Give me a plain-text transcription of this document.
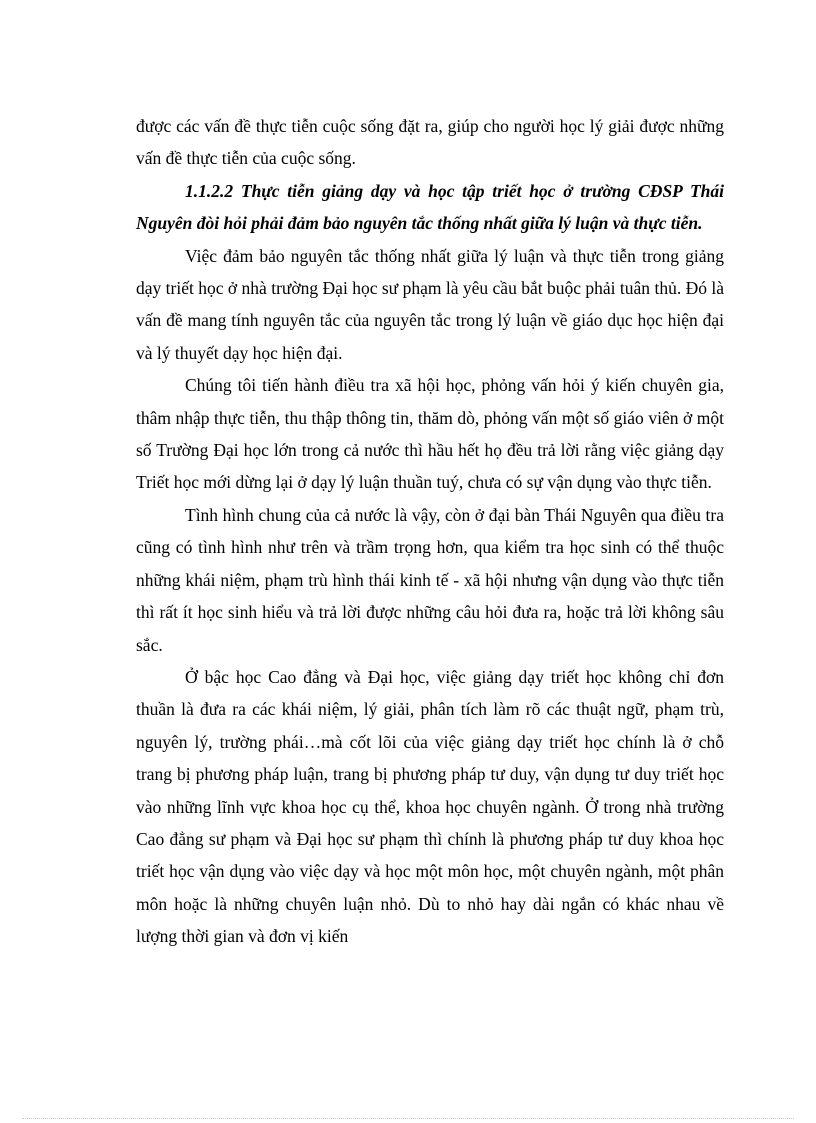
được các vấn đề thực tiễn cuộc sống đặt ra, giúp cho người học lý giải được những vấn đề thực tiễn của cuộc sống.

1.1.2.2 Thực tiễn giảng dạy và học tập triết học ở trường CĐSP Thái Nguyên đòi hỏi phải đảm bảo nguyên tắc thống nhất giữa lý luận và thực tiễn.

Việc đảm bảo nguyên tắc thống nhất giữa lý luận và thực tiễn trong giảng dạy triết học ở nhà trường Đại học sư phạm là yêu cầu bắt buộc phải tuân thủ. Đó là vấn đề mang tính nguyên tắc của nguyên tắc trong lý luận về giáo dục học hiện đại và lý thuyết dạy học hiện đại.

Chúng tôi tiến hành điều tra xã hội học, phỏng vấn hỏi ý kiến chuyên gia, thâm nhập thực tiễn, thu thập thông tin, thăm dò, phỏng vấn một số giáo viên ở một số Trường Đại học lớn trong cả nước thì hầu hết họ đều trả lời rằng việc giảng dạy Triết học mới dừng lại ở dạy lý luận thuần tuý, chưa có sự vận dụng vào thực tiễn.

Tình hình chung của cả nước là vậy, còn ở đại bàn Thái Nguyên qua điều tra cũng có tình hình như trên và trầm trọng hơn, qua kiểm tra học sinh có thể thuộc những khái niệm, phạm trù hình thái kinh tế - xã hội nhưng vận dụng vào thực tiễn thì rất ít học sinh hiểu và trả lời được những câu hỏi đưa ra, hoặc trả lời không sâu sắc.

Ở bậc học Cao đẳng và Đại học, việc giảng dạy triết học không chỉ đơn thuần là đưa ra các khái niệm, lý giải, phân tích làm rõ các thuật ngữ, phạm trù, nguyên lý, trường phái…mà cốt lõi của việc giảng dạy triết học chính là ở chỗ trang bị phương pháp luận, trang bị phương pháp tư duy, vận dụng tư duy triết học vào những lĩnh vực khoa học cụ thể, khoa học chuyên ngành. Ở trong nhà trường Cao đẳng sư phạm và Đại học sư phạm thì chính là phương pháp tư duy khoa học triết học vận dụng vào việc dạy và học một môn học, một chuyên ngành, một phân môn hoặc là những chuyên luận nhỏ. Dù to nhỏ hay dài ngắn có khác nhau về lượng thời gian và đơn vị kiến
